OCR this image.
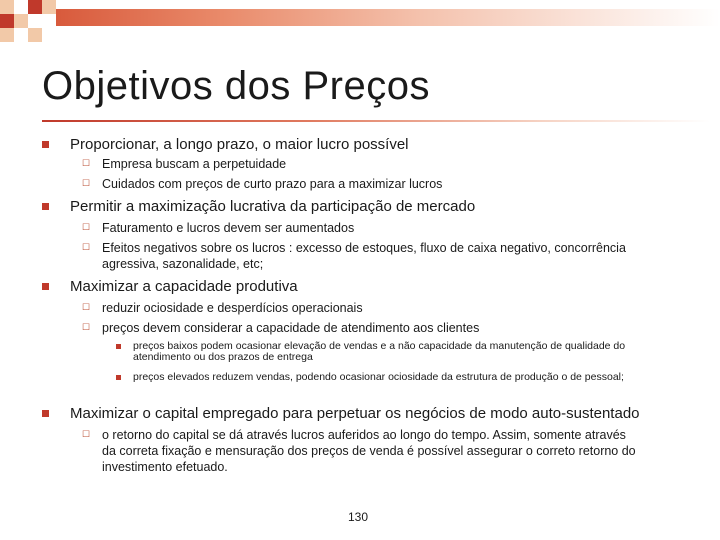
Objetivos dos Preços
Proporcionar, a longo prazo, o maior lucro possível
☐ Empresa buscam a perpetuidade
☐ Cuidados com preços de curto prazo para a maximizar lucros
Permitir a maximização lucrativa da participação de mercado
☐ Faturamento e lucros devem ser aumentados
☐ Efeitos negativos sobre os lucros : excesso de estoques, fluxo de caixa negativo, concorrência agressiva, sazonalidade, etc;
Maximizar a capacidade produtiva
☐ reduzir ociosidade e desperdícios operacionais
☐ preços devem considerar a capacidade de atendimento aos clientes
preços baixos podem ocasionar elevação de vendas e a não capacidade da manutenção de qualidade do atendimento ou dos prazos de entrega
preços elevados reduzem vendas, podendo ocasionar ociosidade da estrutura de produção o de pessoal;
Maximizar o capital empregado para perpetuar os negócios de modo auto-sustentado
☐ o retorno do capital se dá através lucros auferidos ao longo do tempo. Assim, somente através da correta fixação e mensuração dos preços de venda é possível assegurar o correto retorno do investimento efetuado.
130
